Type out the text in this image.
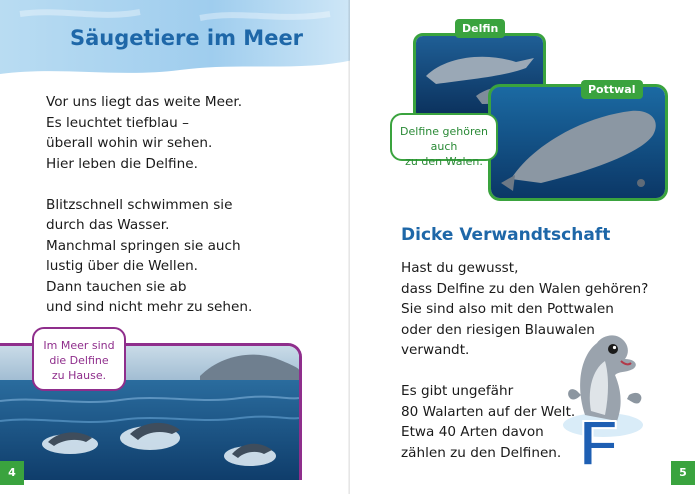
Säugetiere im Meer
Vor uns liegt das weite Meer.
Es leuchtet tiefblau –
überall wohin wir sehen.
Hier leben die Delfine.
Blitzschnell schwimmen sie
durch das Wasser.
Manchmal springen sie auch
lustig über die Wellen.
Dann tauchen sie ab
und sind nicht mehr zu sehen.
Im Meer sind
die Delfine
zu Hause.
4
Delfin
Pottwal
Delfine gehören auch
zu den Walen.
Dicke Verwandtschaft
Hast du gewusst,
dass Delfine zu den Walen gehören?
Sie sind also mit den Pottwalen
oder den riesigen Blauwalen
verwandt.
Es gibt ungefähr
80 Walarten auf der Welt.
Etwa 40 Arten davon
zählen zu den Delfinen. F	5
